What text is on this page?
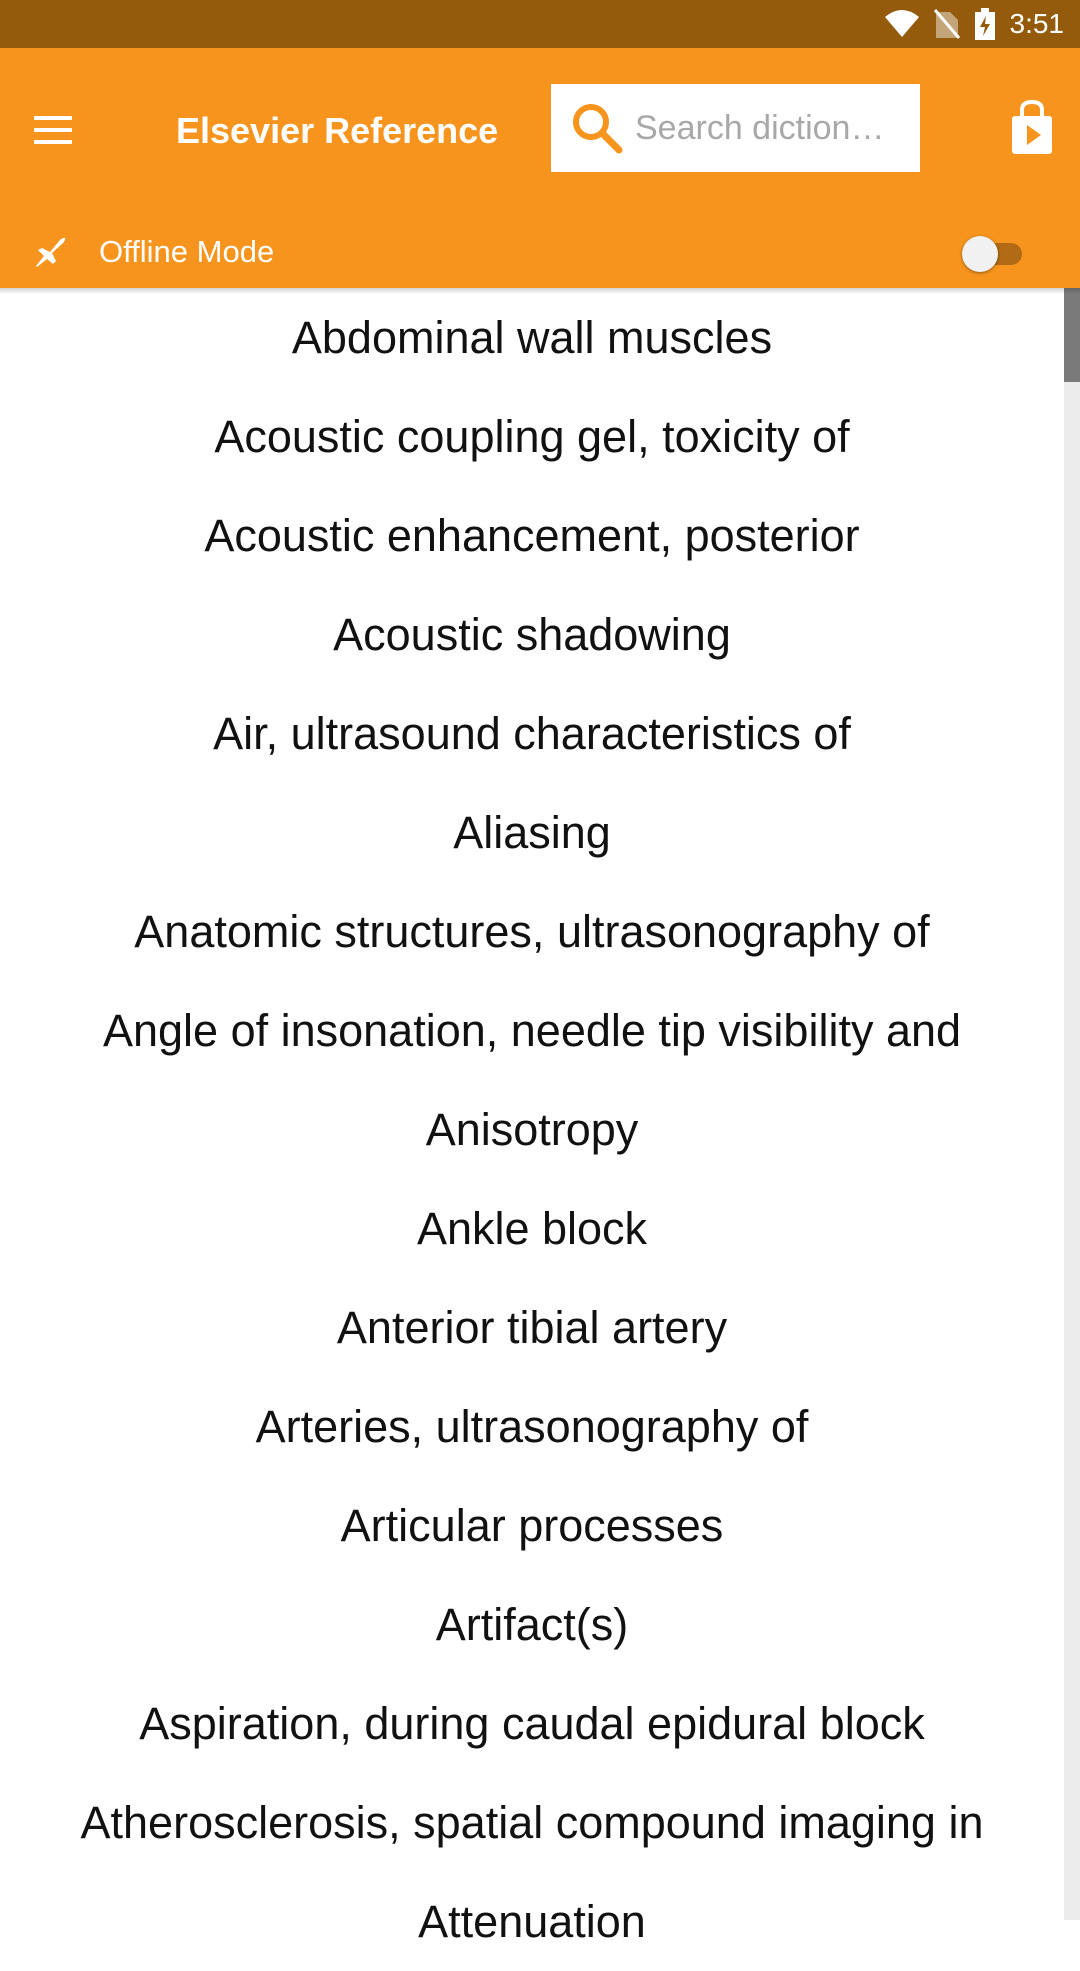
3:51
Elsevier Reference
Search diction…
Offline Mode
Abdominal wall muscles
Acoustic coupling gel, toxicity of
Acoustic enhancement, posterior
Acoustic shadowing
Air, ultrasound characteristics of
Aliasing
Anatomic structures, ultrasonography of
Angle of insonation, needle tip visibility and
Anisotropy
Ankle block
Anterior tibial artery
Arteries, ultrasonography of
Articular processes
Artifact(s)
Aspiration, during caudal epidural block
Atherosclerosis, spatial compound imaging in
Attenuation
